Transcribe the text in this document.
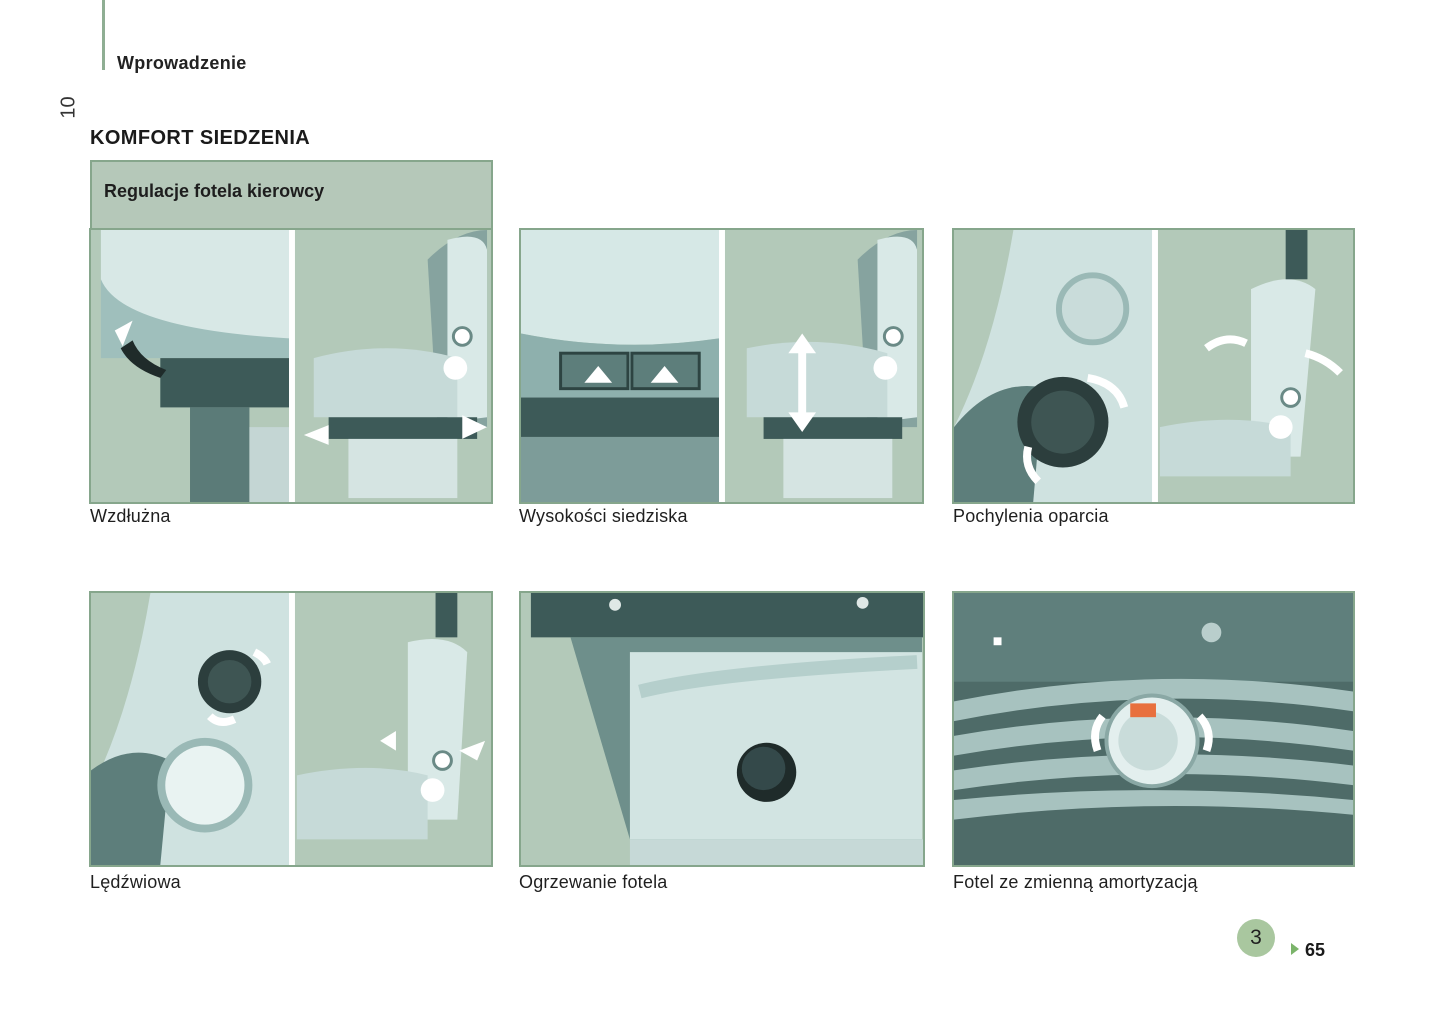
Wprowadzenie
10
KOMFORT SIEDZENIA
Regulacje fotela kierowcy
Wzdłużna	Wysokości siedziska	Pochylenia oparcia
Lędźwiowa	Ogrzewanie fotela	Fotel ze zmienną amortyzacją
3
65
